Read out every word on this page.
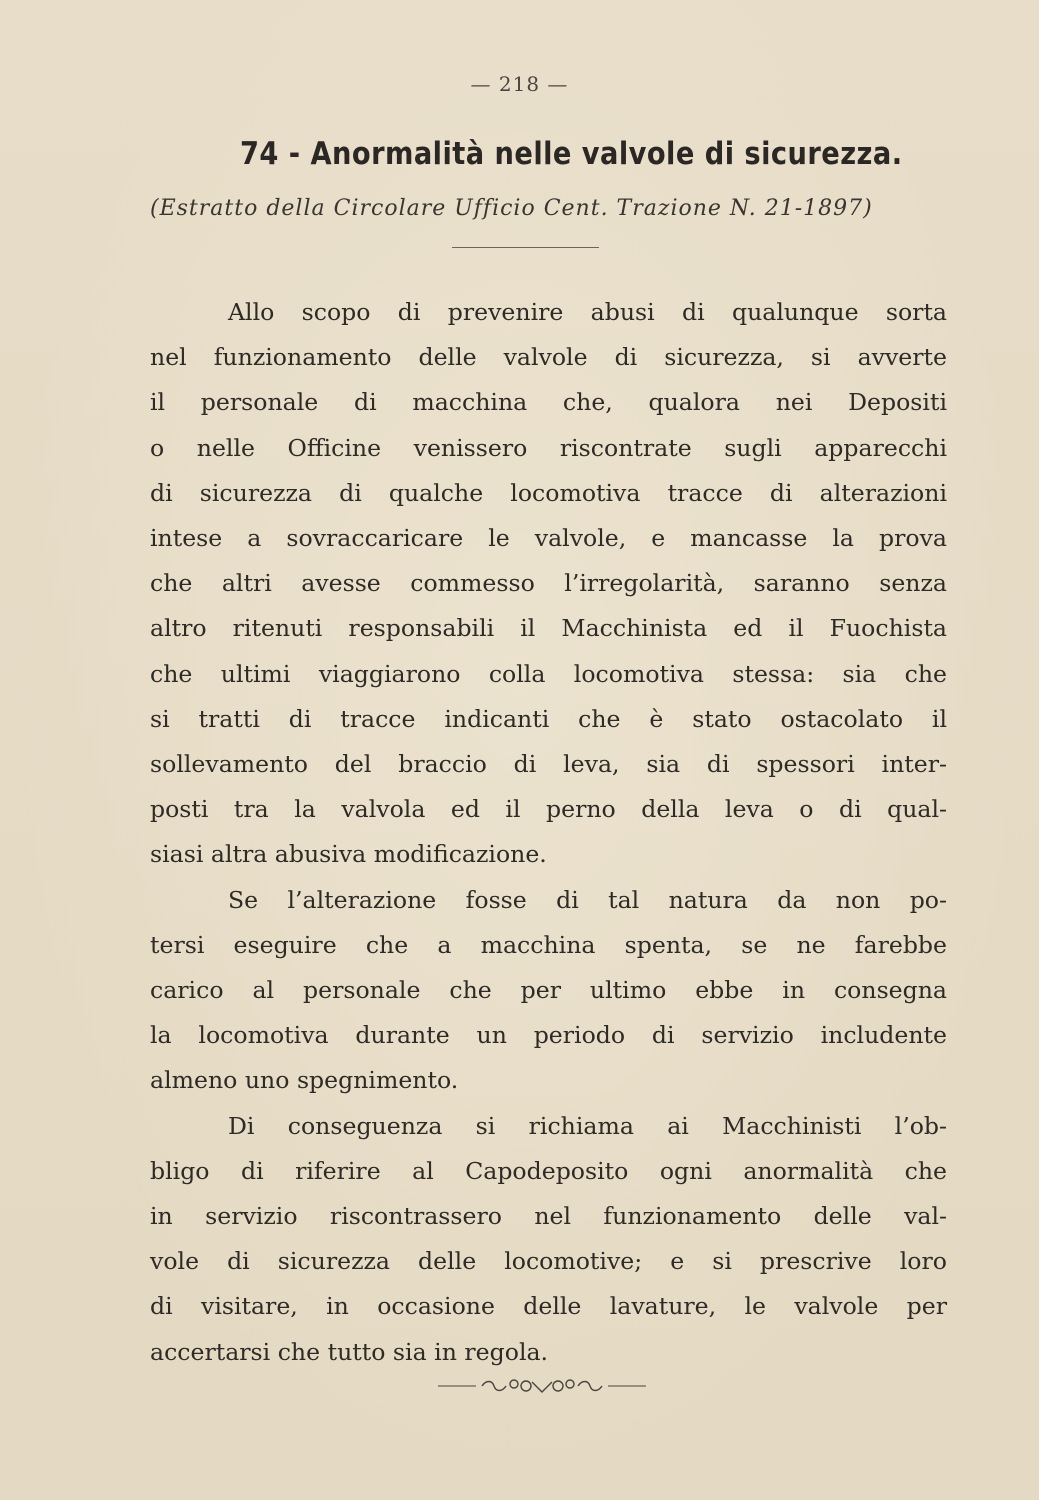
— 218 —
74 - Anormalità nelle valvole di sicurezza.
(Estratto della Circolare Ufficio Cent. Trazione N. 21-1897)
Allo scopo di prevenire abusi di qualunque sorta
nel funzionamento delle valvole di sicurezza, si avverte
il personale di macchina che, qualora nei Depositi
o nelle Officine venissero riscontrate sugli apparecchi
di sicurezza di qualche locomotiva tracce di alterazioni
intese a sovraccaricare le valvole, e mancasse la prova
che altri avesse commesso l’irregolarità, saranno senza
altro ritenuti responsabili il Macchinista ed il Fuochista
che ultimi viaggiarono colla locomotiva stessa: sia che
si tratti di tracce indicanti che è stato ostacolato il
sollevamento del braccio di leva, sia di spessori inter-
posti tra la valvola ed il perno della leva o di qual-
siasi altra abusiva modificazione.
Se l’alterazione fosse di tal natura da non po-
tersi eseguire che a macchina spenta, se ne farebbe
carico al personale che per ultimo ebbe in consegna
la locomotiva durante un periodo di servizio includente
almeno uno spegnimento.
Di conseguenza si richiama ai Macchinisti l’ob-
bligo di riferire al Capodeposito ogni anormalità che
in servizio riscontrassero nel funzionamento delle val-
vole di sicurezza delle locomotive; e si prescrive loro
di visitare, in occasione delle lavature, le valvole per
accertarsi che tutto sia in regola.
